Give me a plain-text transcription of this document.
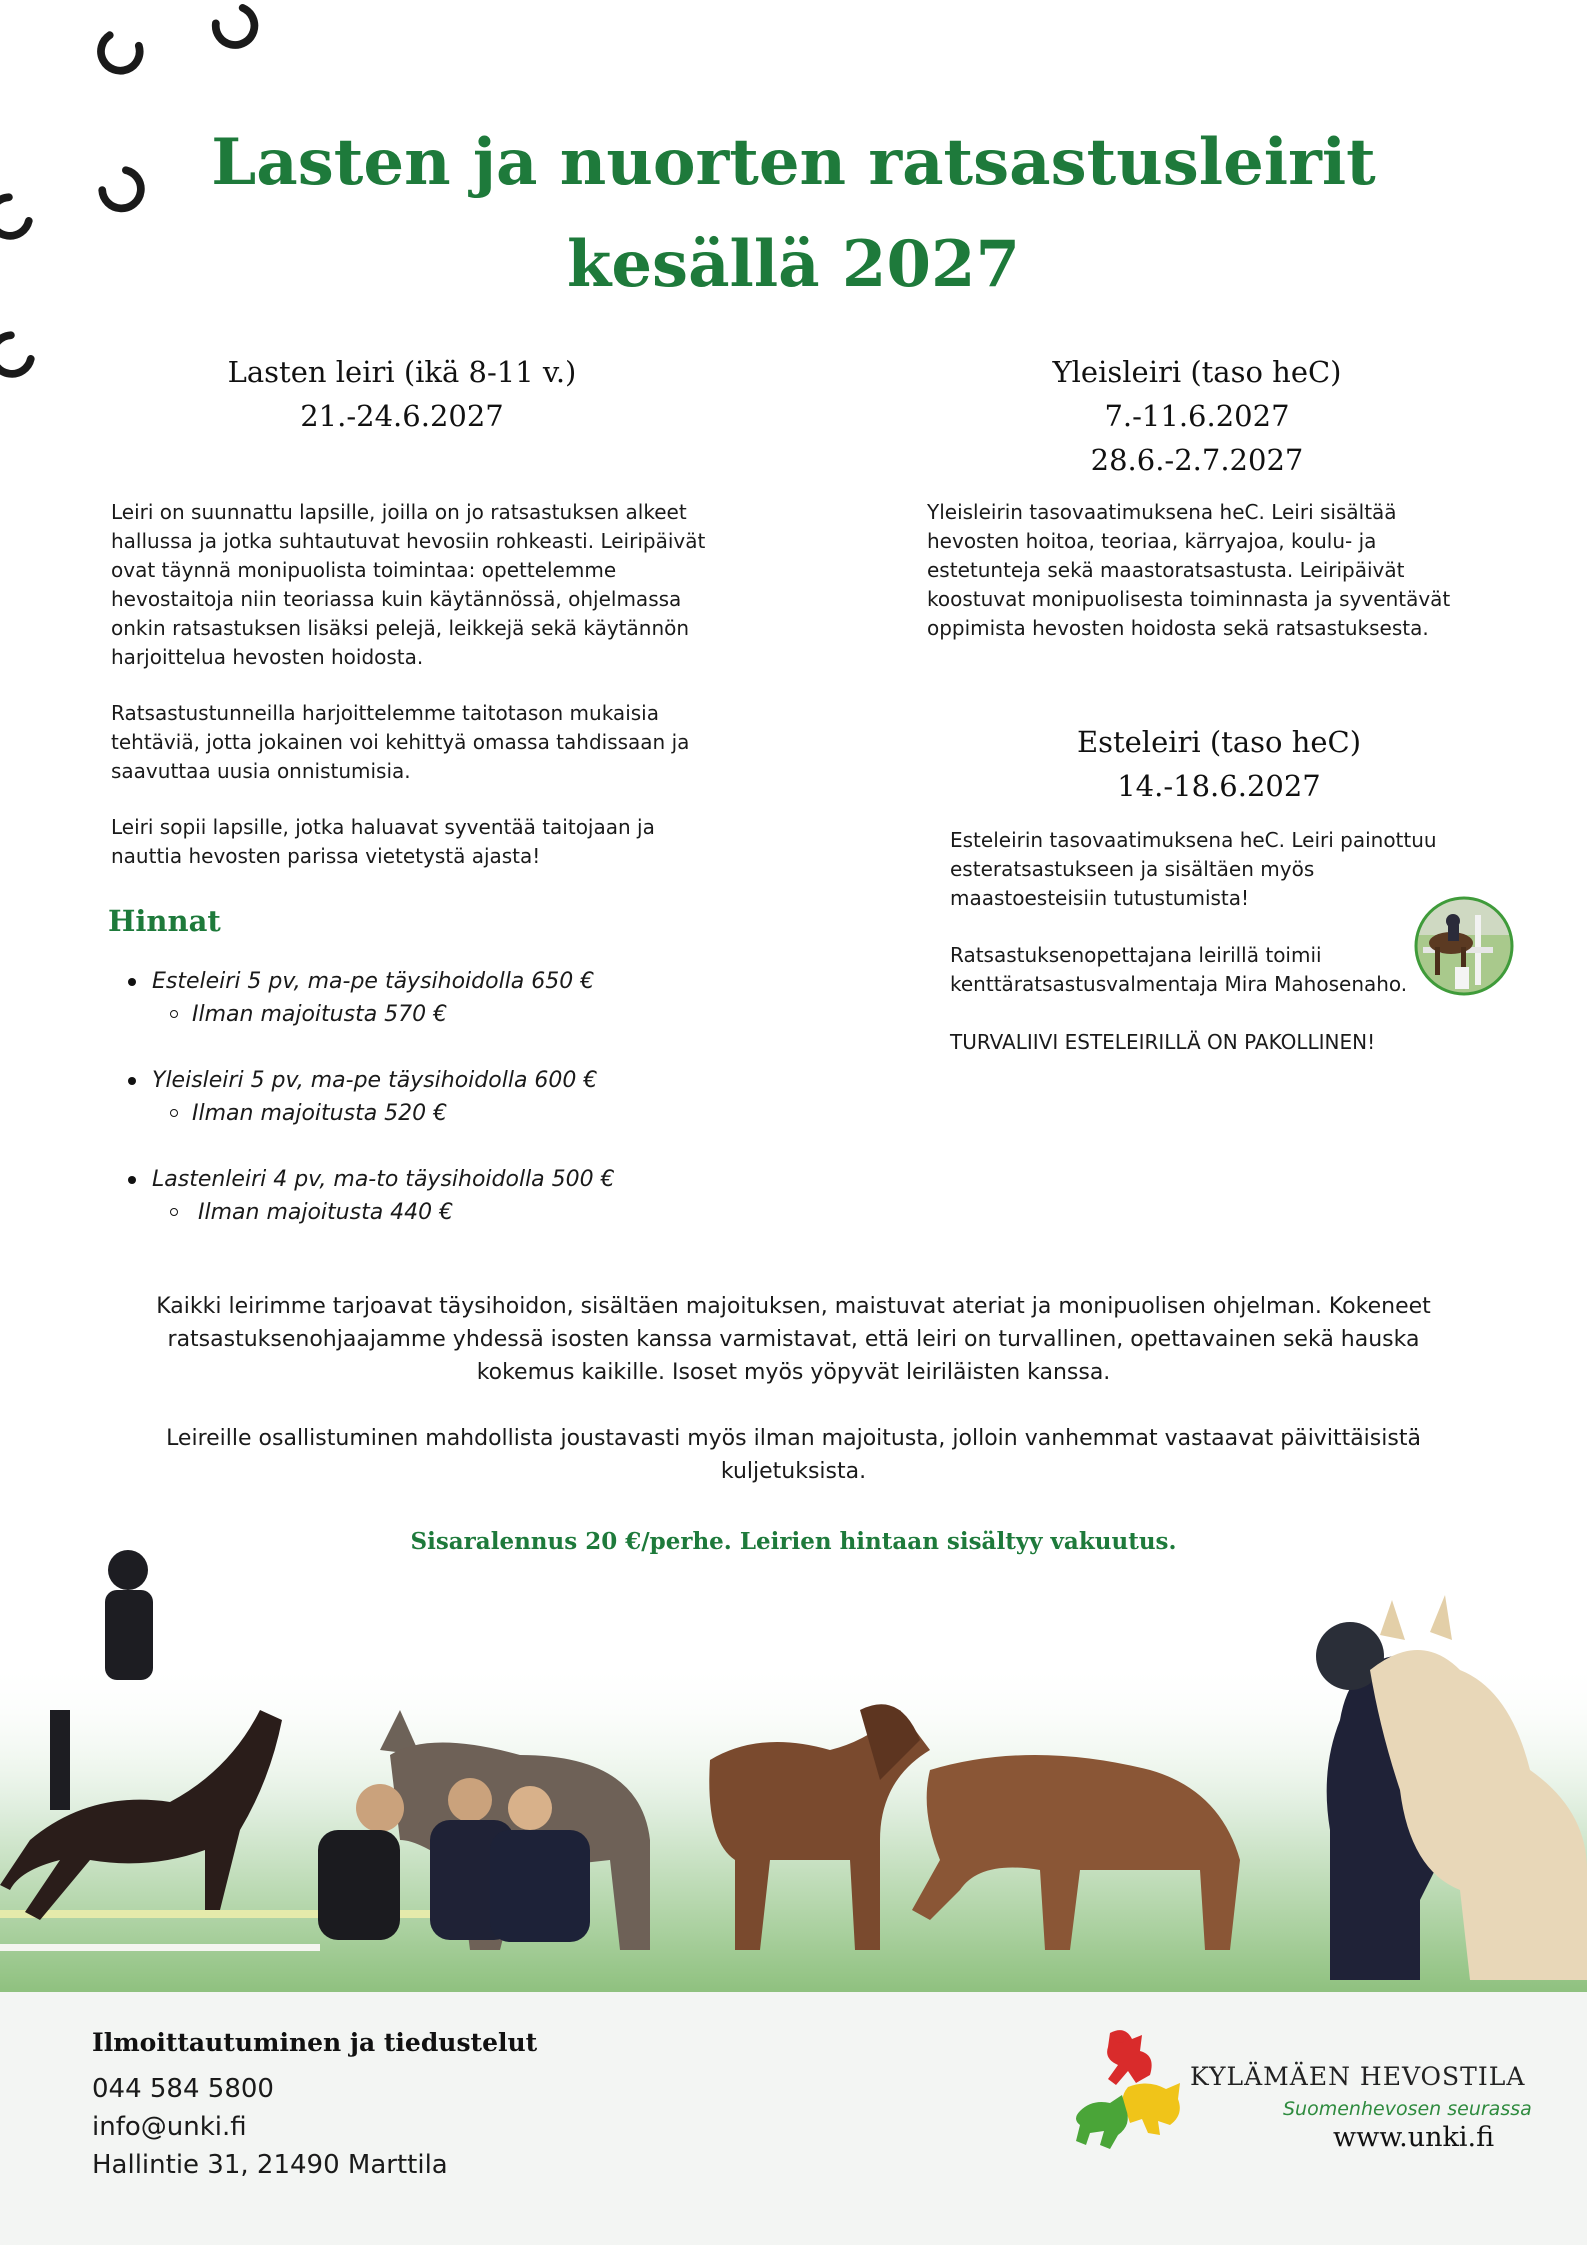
Lasten ja nuorten ratsastusleirit
kesällä 2027
Lasten leiri (ikä 8-11 v.)
21.-24.6.2027

Leiri on suunnattu lapsille, joilla on jo ratsastuksen alkeet hallussa ja jotka suhtautuvat hevosiin rohkeasti. Leiripäivät ovat täynnä monipuolista toimintaa: opettelemme hevostaitoja niin teoriassa kuin käytännössä, ohjelmassa onkin ratsastuksen lisäksi pelejä, leikkejä sekä käytännön harjoittelua hevosten hoidosta.

Ratsastustunneilla harjoittelemme taitotason mukaisia tehtäviä, jotta jokainen voi kehittyä omassa tahdissaan ja saavuttaa uusia onnistumisia.

Leiri sopii lapsille, jotka haluavat syventää taitojaan ja nauttia hevosten parissa vietetystä ajasta!

Yleisleiri (taso heC)
7.-11.6.2027
28.6.-2.7.2027
Yleisleirin tasovaatimuksena heC. Leiri sisältää hevosten hoitoa, teoriaa, kärryajoa, koulu- ja estetunteja sekä maastoratsastusta. Leiripäivät koostuvat monipuolisesta toiminnasta ja syventävät oppimista hevosten hoidosta sekä ratsastuksesta.
Esteleiri (taso heC)
14.-18.6.2027

Esteleirin tasovaatimuksena heC. Leiri painottuu esteratsastukseen ja sisältäen myös maastoesteisiin tutustumista!

Ratsastuksenopettajana leirillä toimii kenttäratsastusvalmentaja Mira Mahosenaho.
TURVALIIVI ESTELEIRILLÄ ON PAKOLLINEN!
Hinnat
Esteleiri 5 pv, ma-pe täysihoidolla 650 €
Ilman majoitusta 570 €
Yleisleiri 5 pv, ma-pe täysihoidolla 600 €
Ilman majoitusta 520 €
Lastenleiri 4 pv, ma-to täysihoidolla 500 €
Ilman majoitusta 440 €

Kaikki leirimme tarjoavat täysihoidon, sisältäen majoituksen, maistuvat ateriat ja monipuolisen ohjelman. Kokeneet ratsastuksenohjaajamme yhdessä isosten kanssa varmistavat, että leiri on turvallinen, opettavainen sekä hauska kokemus kaikille. Isoset myös yöpyvät leiriläisten kanssa.

Leireille osallistuminen mahdollista joustavasti myös ilman majoitusta, jolloin vanhemmat vastaavat päivittäisistä kuljetuksista.

Sisaralennus 20 €/perhe. Leirien hintaan sisältyy vakuutus.
Ilmoittautuminen ja tiedustelut
044 584 5800
info@unki.fi
Hallintie 31, 21490 Marttila
KYLÄMÄEN HEVOSTILA
Suomenhevosen seurassa
www.unki.fi
